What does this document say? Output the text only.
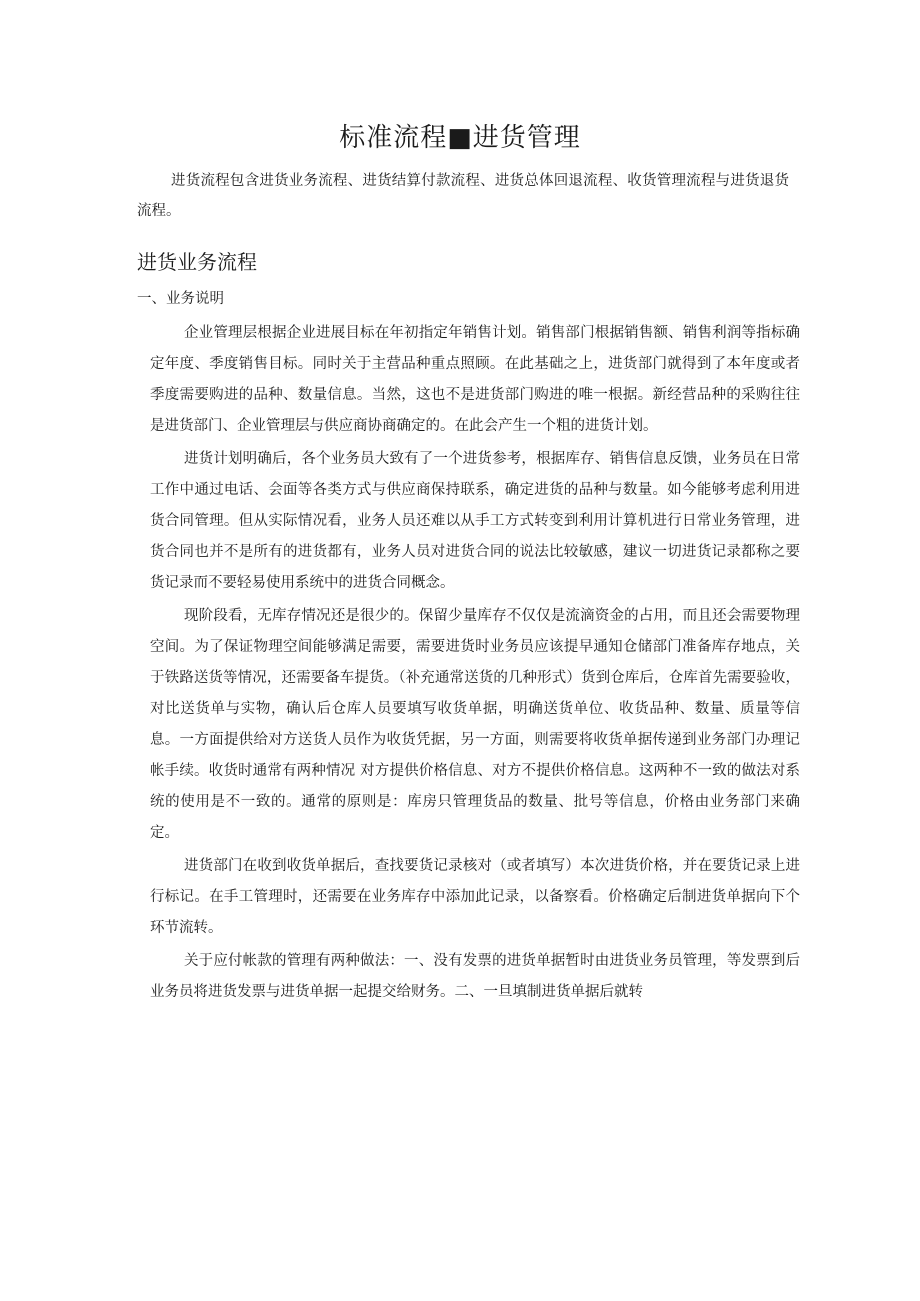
标准流程■进货管理

进货流程包含进货业务流程、进货结算付款流程、进货总体回退流程、收货管理流程与进货退货流程。

进货业务流程
一、业务说明

企业管理层根据企业进展目标在年初指定年销售计划。销售部门根据销售额、销售利润等指标确定年度、季度销售目标。同时关于主营品种重点照顾。在此基础之上，进货部门就得到了本年度或者季度需要购进的品种、数量信息。当然，这也不是进货部门购进的唯一根据。新经营品种的采购往往是进货部门、企业管理层与供应商协商确定的。在此会产生一个粗的进货计划。

进货计划明确后，各个业务员大致有了一个进货参考，根据库存、销售信息反馈，业务员在日常工作中通过电话、会面等各类方式与供应商保持联系，确定进货的品种与数量。如今能够考虑利用进货合同管理。但从实际情况看，业务人员还难以从手工方式转变到利用计算机进行日常业务管理，进货合同也并不是所有的进货都有，业务人员对进货合同的说法比较敏感，建议一切进货记录都称之要货记录而不要轻易使用系统中的进货合同概念。

现阶段看，无库存情况还是很少的。保留少量库存不仅仅是流滴资金的占用，而且还会需要物理空间。为了保证物理空间能够满足需要，需要进货时业务员应该提早通知仓储部门准备库存地点，关于铁路送货等情况，还需要备车提货。（补充通常送货的几种形式）货到仓库后，仓库首先需要验收，对比送货单与实物，确认后仓库人员要填写收货单据，明确送货单位、收货品种、数量、质量等信息。一方面提供给对方送货人员作为收货凭据，另一方面，则需要将收货单据传递到业务部门办理记帐手续。收货时通常有两种情况 对方提供价格信息、对方不提供价格信息。这两种不一致的做法对系统的使用是不一致的。通常的原则是：库房只管理货品的数量、批号等信息，价格由业务部门来确定。

进货部门在收到收货单据后，查找要货记录核对（或者填写）本次进货价格，并在要货记录上进行标记。在手工管理时，还需要在业务库存中添加此记录，以备察看。价格确定后制进货单据向下个环节流转。

关于应付帐款的管理有两种做法：一、没有发票的进货单据暂时由进货业务员管理，等发票到后业务员将进货发票与进货单据一起提交给财务。二、一旦填制进货单据后就转
